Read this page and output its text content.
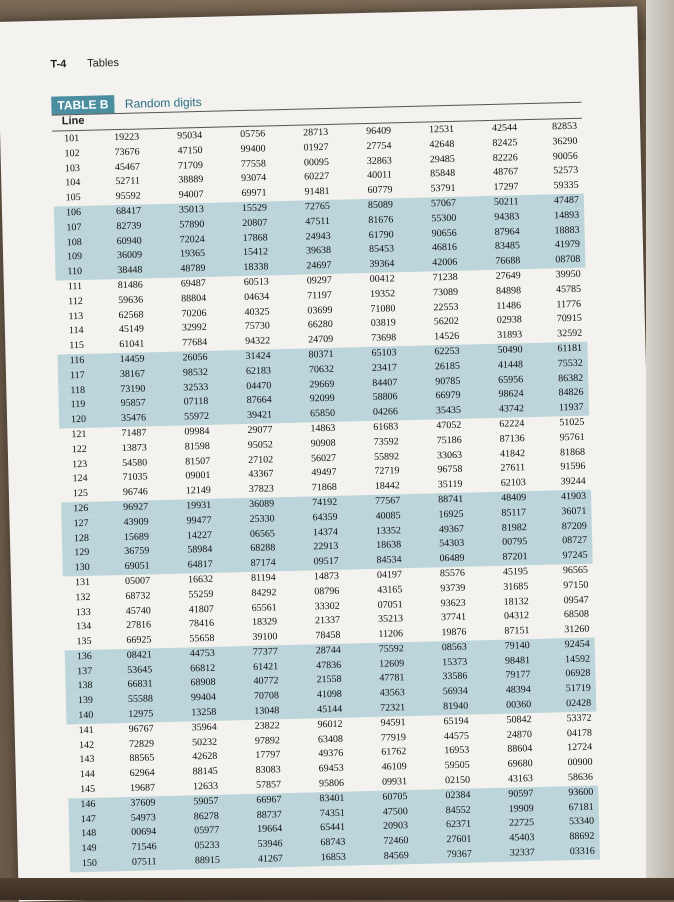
T-4 Tables
TABLE B Random digits
Line
101	19223	95034	05756	28713	96409	12531	42544	82853
102	73676	47150	99400	01927	27754	42648	82425	36290
103	45467	71709	77558	00095	32863	29485	82226	90056
104	52711	38889	93074	60227	40011	85848	48767	52573
105	95592	94007	69971	91481	60779	53791	17297	59335
106	68417	35013	15529	72765	85089	57067	50211	47487
107	82739	57890	20807	47511	81676	55300	94383	14893
108	60940	72024	17868	24943	61790	90656	87964	18883
109	36009	19365	15412	39638	85453	46816	83485	41979
110	38448	48789	18338	24697	39364	42006	76688	08708
111	81486	69487	60513	09297	00412	71238	27649	39950
112	59636	88804	04634	71197	19352	73089	84898	45785
113	62568	70206	40325	03699	71080	22553	11486	11776
114	45149	32992	75730	66280	03819	56202	02938	70915
115	61041	77684	94322	24709	73698	14526	31893	32592
116	14459	26056	31424	80371	65103	62253	50490	61181
117	38167	98532	62183	70632	23417	26185	41448	75532
118	73190	32533	04470	29669	84407	90785	65956	86382
119	95857	07118	87664	92099	58806	66979	98624	84826
120	35476	55972	39421	65850	04266	35435	43742	11937
121	71487	09984	29077	14863	61683	47052	62224	51025
122	13873	81598	95052	90908	73592	75186	87136	95761
123	54580	81507	27102	56027	55892	33063	41842	81868
124	71035	09001	43367	49497	72719	96758	27611	91596
125	96746	12149	37823	71868	18442	35119	62103	39244
126	96927	19931	36089	74192	77567	88741	48409	41903
127	43909	99477	25330	64359	40085	16925	85117	36071
128	15689	14227	06565	14374	13352	49367	81982	87209
129	36759	58984	68288	22913	18638	54303	00795	08727
130	69051	64817	87174	09517	84534	06489	87201	97245
131	05007	16632	81194	14873	04197	85576	45195	96565
132	68732	55259	84292	08796	43165	93739	31685	97150
133	45740	41807	65561	33302	07051	93623	18132	09547
134	27816	78416	18329	21337	35213	37741	04312	68508
135	66925	55658	39100	78458	11206	19876	87151	31260
136	08421	44753	77377	28744	75592	08563	79140	92454
137	53645	66812	61421	47836	12609	15373	98481	14592
138	66831	68908	40772	21558	47781	33586	79177	06928
139	55588	99404	70708	41098	43563	56934	48394	51719
140	12975	13258	13048	45144	72321	81940	00360	02428
141	96767	35964	23822	96012	94591	65194	50842	53372
142	72829	50232	97892	63408	77919	44575	24870	04178
143	88565	42628	17797	49376	61762	16953	88604	12724
144	62964	88145	83083	69453	46109	59505	69680	00900
145	19687	12633	57857	95806	09931	02150	43163	58636
146	37609	59057	66967	83401	60705	02384	90597	93600
147	54973	86278	88737	74351	47500	84552	19909	67181
148	00694	05977	19664	65441	20903	62371	22725	53340
149	71546	05233	53946	68743	72460	27601	45403	88692
150	07511	88915	41267	16853	84569	79367	32337	03316
